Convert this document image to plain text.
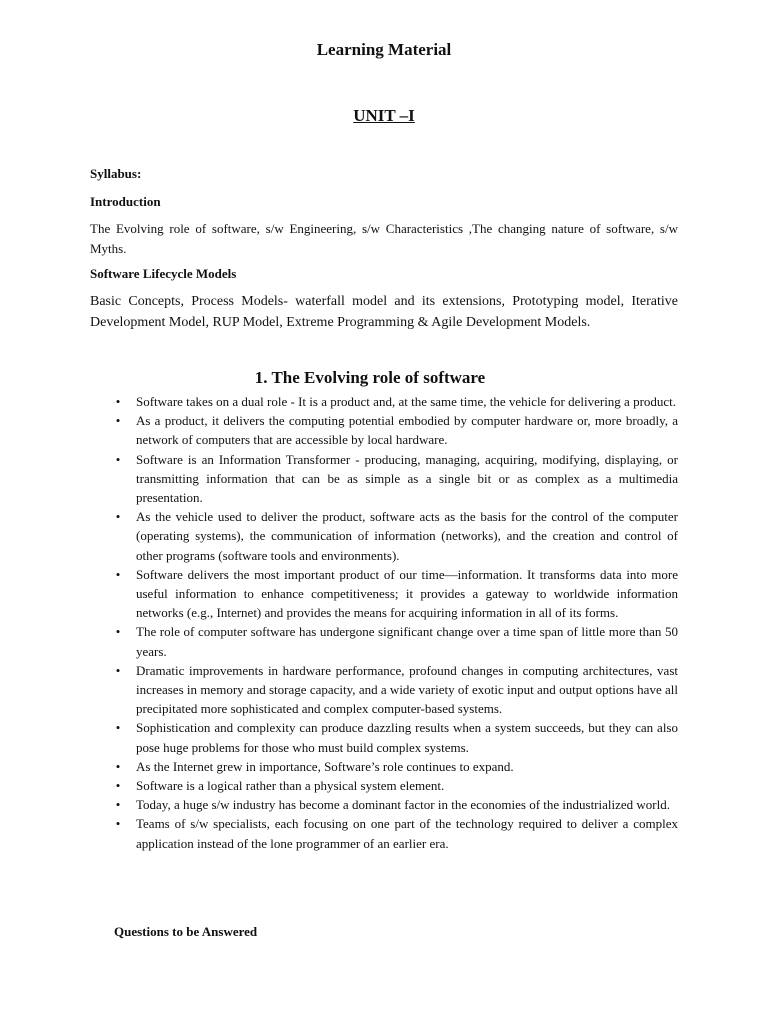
Learning Material
UNIT –I
Syllabus:
Introduction
The Evolving role of software, s/w Engineering, s/w Characteristics ,The changing nature of software, s/w Myths.
Software Lifecycle Models
Basic Concepts, Process Models- waterfall model and its extensions, Prototyping model, Iterative Development Model, RUP Model, Extreme Programming & Agile Development Models.
1. The Evolving role of software
• Software takes on a dual role - It is a product and, at the same time, the vehicle for delivering a product.
• As a product, it delivers the computing potential embodied by computer hardware or, more broadly, a network of computers that are accessible by local hardware.
• Software is an Information Transformer - producing, managing, acquiring, modifying, displaying, or transmitting information that can be as simple as a single bit or as complex as a multimedia presentation.
• As the vehicle used to deliver the product, software acts as the basis for the control of the computer (operating systems), the communication of information (networks), and the creation and control of other programs (software tools and environments).
• Software delivers the most important product of our time—information. It transforms data into more useful information to enhance competitiveness; it provides a gateway to worldwide information networks (e.g., Internet) and provides the means for acquiring information in all of its forms.
• The role of computer software has undergone significant change over a time span of little more than 50 years.
• Dramatic improvements in hardware performance, profound changes in computing architectures, vast increases in memory and storage capacity, and a wide variety of exotic input and output options have all precipitated more sophisticated and complex computer-based systems.
• Sophistication and complexity can produce dazzling results when a system succeeds, but they can also pose huge problems for those who must build complex systems.
• As the Internet grew in importance, Software’s role continues to expand.
• Software is a logical rather than a physical system element.
• Today, a huge s/w industry has become a dominant factor in the economies of the industrialized world.
• Teams of s/w specialists, each focusing on one part of the technology required to deliver a complex application instead of the lone programmer of an earlier era.
Questions to be Answered
